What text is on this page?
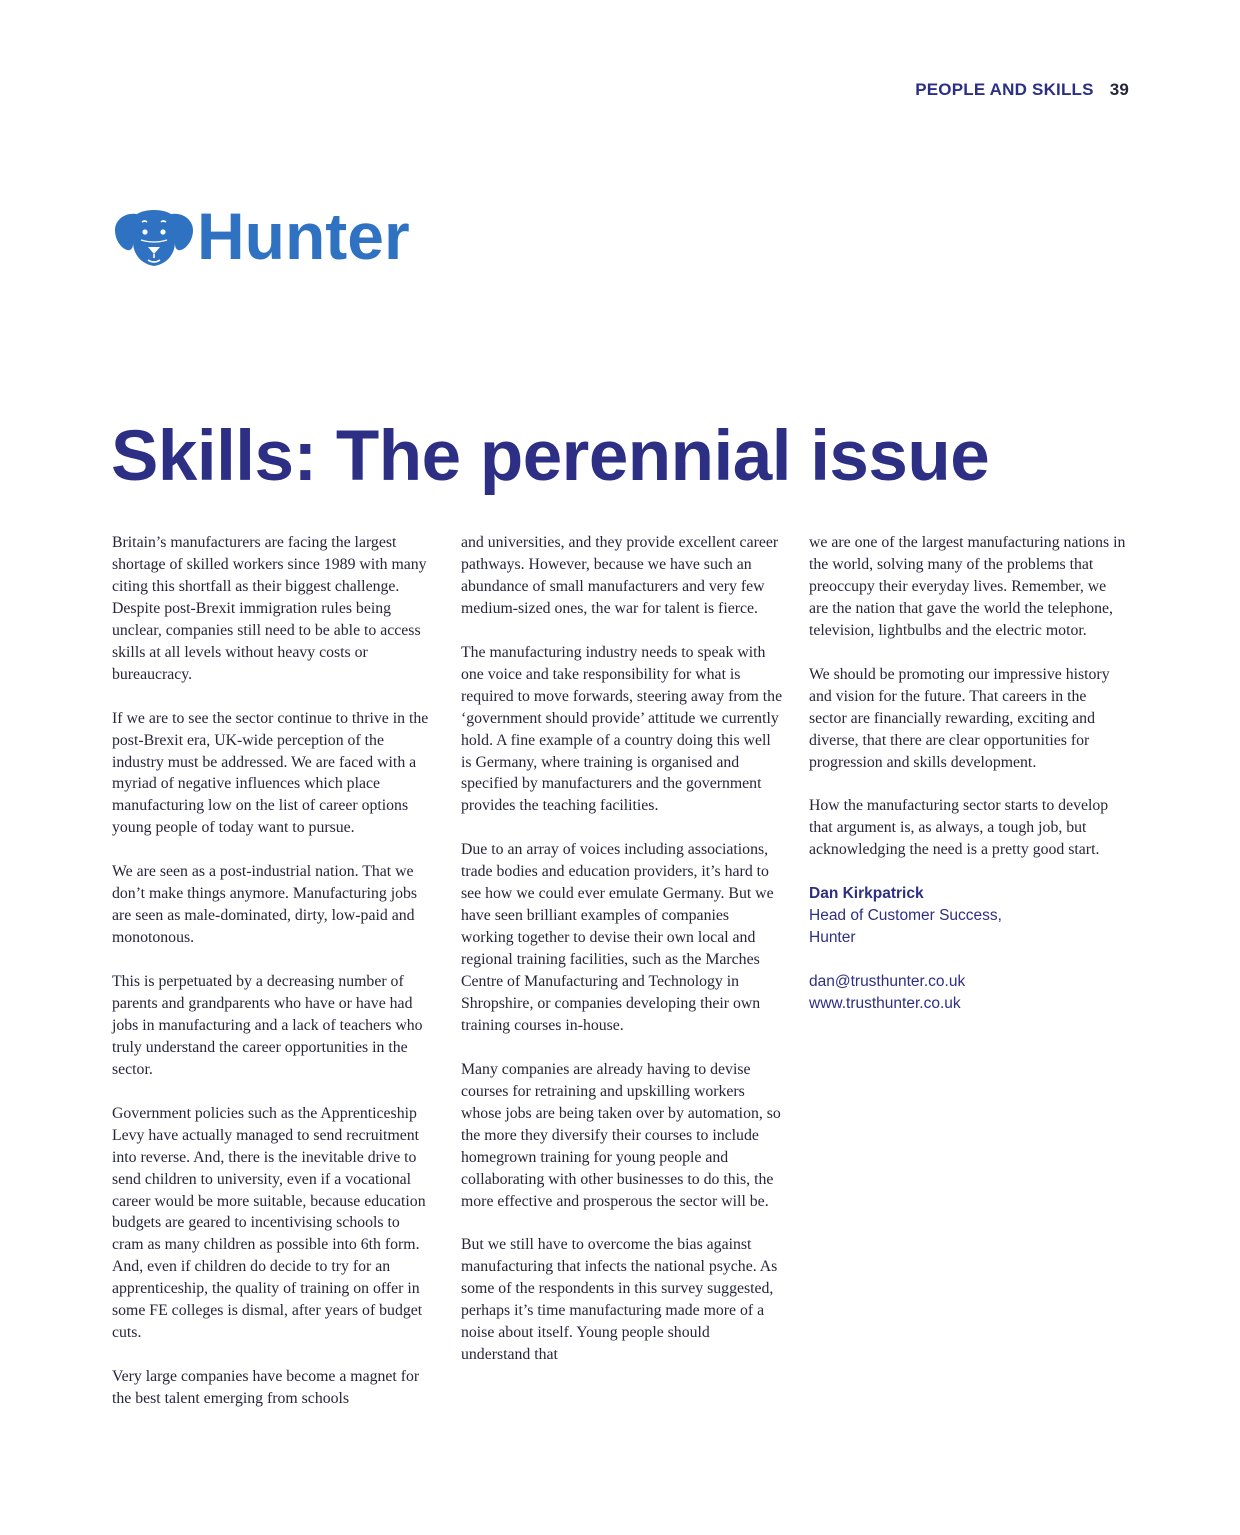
PEOPLE AND SKILLS 39
Hunter
Skills: The perennial issue

Britain’s manufacturers are facing the largest shortage of skilled workers since 1989 with many citing this shortfall as their biggest challenge. Despite post-Brexit immigration rules being unclear, companies still need to be able to access skills at all levels without heavy costs or bureaucracy.

If we are to see the sector continue to thrive in the post-Brexit era, UK-wide perception of the industry must be addressed. We are faced with a myriad of negative influences which place manufacturing low on the list of career options young people of today want to pursue.

We are seen as a post-industrial nation. That we don’t make things anymore. Manufacturing jobs are seen as male-dominated, dirty, low-paid and monotonous.

This is perpetuated by a decreasing number of parents and grandparents who have or have had jobs in manufacturing and a lack of teachers who truly understand the career opportunities in the sector.

Government policies such as the Apprenticeship Levy have actually managed to send recruitment into reverse. And, there is the inevitable drive to send children to university, even if a vocational career would be more suitable, because education budgets are geared to incentivising schools to cram as many children as possible into 6th form. And, even if children do decide to try for an apprenticeship, the quality of training on offer in some FE colleges is dismal, after years of budget cuts.

Very large companies have become a magnet for the best talent emerging from schools

and universities, and they provide excellent career pathways. However, because we have such an abundance of small manufacturers and very few medium-sized ones, the war for talent is fierce.

The manufacturing industry needs to speak with one voice and take responsibility for what is required to move forwards, steering away from the ‘government should provide’ attitude we currently hold. A fine example of a country doing this well is Germany, where training is organised and specified by manufacturers and the government provides the teaching facilities.

Due to an array of voices including associations, trade bodies and education providers, it’s hard to see how we could ever emulate Germany. But we have seen brilliant examples of companies working together to devise their own local and regional training facilities, such as the Marches Centre of Manufacturing and Technology in Shropshire, or companies developing their own training courses in-house.

Many companies are already having to devise courses for retraining and upskilling workers whose jobs are being taken over by automation, so the more they diversify their courses to include homegrown training for young people and collaborating with other businesses to do this, the more effective and prosperous the sector will be.

But we still have to overcome the bias against manufacturing that infects the national psyche. As some of the respondents in this survey suggested, perhaps it’s time manufacturing made more of a noise about itself. Young people should understand that

we are one of the largest manufacturing nations in the world, solving many of the problems that preoccupy their everyday lives. Remember, we are the nation that gave the world the telephone, television, lightbulbs and the electric motor.

We should be promoting our impressive history and vision for the future. That careers in the sector are financially rewarding, exciting and diverse, that there are clear opportunities for progression and skills development.

How the manufacturing sector starts to develop that argument is, as always, a tough job, but acknowledging the need is a pretty good start.

Dan Kirkpatrick
Head of Customer Success,
Hunter
dan@trusthunter.co.uk
www.trusthunter.co.uk
